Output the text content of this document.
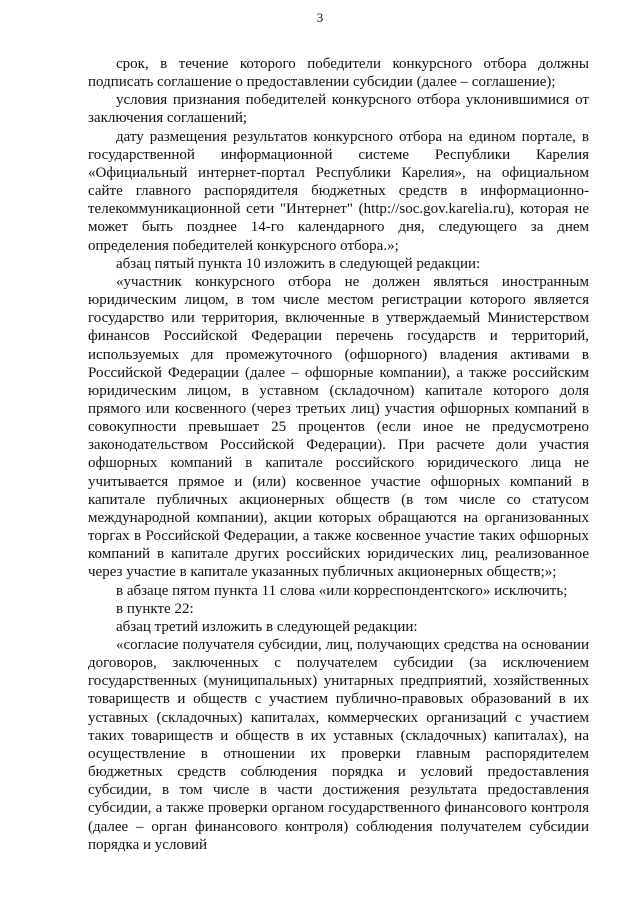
3

срок, в течение которого победители конкурсного отбора должны подписать соглашение о предоставлении субсидии (далее – соглашение);

условия признания победителей конкурсного отбора уклонившимися от заключения соглашений;

дату размещения результатов конкурсного отбора на едином портале, в государственной информационной системе Республики Карелия «Официальный интернет-портал Республики Карелия», на официальном сайте главного распорядителя бюджетных средств в информационно-телекоммуникационной сети "Интернет" (http://soc.gov.karelia.ru), которая не может быть позднее 14-го календарного дня, следующего за днем определения победителей конкурсного отбора.»;

абзац пятый пункта 10 изложить в следующей редакции:

«участник конкурсного отбора не должен являться иностранным юридическим лицом, в том числе местом регистрации которого является государство или территория, включенные в утверждаемый Министерством финансов Российской Федерации перечень государств и территорий, используемых для промежуточного (офшорного) владения активами в Российской Федерации (далее – офшорные компании), а также российским юридическим лицом, в уставном (складочном) капитале которого доля прямого или косвенного (через третьих лиц) участия офшорных компаний в совокупности превышает 25 процентов (если иное не предусмотрено законодательством Российской Федерации). При расчете доли участия офшорных компаний в капитале российского юридического лица не учитывается прямое и (или) косвенное участие офшорных компаний в капитале публичных акционерных обществ (в том числе со статусом международной компании), акции которых обращаются на организованных торгах в Российской Федерации, а также косвенное участие таких офшорных компаний в капитале других российских юридических лиц, реализованное через участие в капитале указанных публичных акционерных обществ;»;

в абзаце пятом пункта 11 слова «или корреспондентского» исключить;

в пункте 22:

абзац третий изложить в следующей редакции:

«согласие получателя субсидии, лиц, получающих средства на основании договоров, заключенных с получателем субсидии (за исключением государственных (муниципальных) унитарных предприятий, хозяйственных товариществ и обществ с участием публично-правовых образований в их уставных (складочных) капиталах, коммерческих организаций с участием таких товариществ и обществ в их уставных (складочных) капиталах), на осуществление в отношении их проверки главным распорядителем бюджетных средств соблюдения порядка и условий предоставления субсидии, в том числе в части достижения результата предоставления субсидии, а также проверки органом государственного финансового контроля (далее – орган финансового контроля) соблюдения получателем субсидии порядка и условий
